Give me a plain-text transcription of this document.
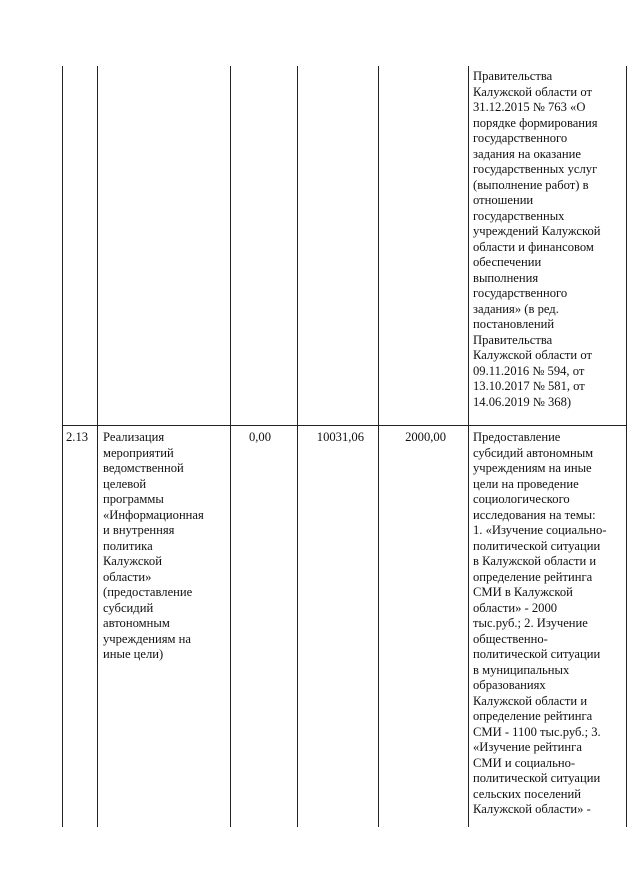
Правительства
Калужской области от
31.12.2015 № 763 «О
порядке формирования
государственного
задания на оказание
государственных услуг
(выполнение работ) в
отношении
государственных
учреждений Калужской
области и финансовом
обеспечении
выполнения
государственного
задания» (в ред.
постановлений
Правительства
Калужской области от
09.11.2016 № 594, от
13.10.2017 № 581, от
14.06.2019 № 368)
2.13	Реализация
мероприятий
ведомственной
целевой
программы
«Информационная
и внутренняя
политика
Калужской
области»
(предоставление
субсидий
автономным
учреждениям на
иные цели)
0,00	10031,06	2000,00 Предоставление
субсидий автономным
учреждениям на иные
цели на проведение
социологического
исследования на темы:
1. «Изучение социально-
политической ситуации
в Калужской области и
определение рейтинга
СМИ в Калужской
области» - 2000
тыс.руб.; 2. Изучение
общественно-
политической ситуации
в муниципальных
образованиях
Калужской области и
определение рейтинга
СМИ - 1100 тыс.руб.; 3.
«Изучение рейтинга
СМИ и социально-
политической ситуации
сельских поселений
Калужской области» -
